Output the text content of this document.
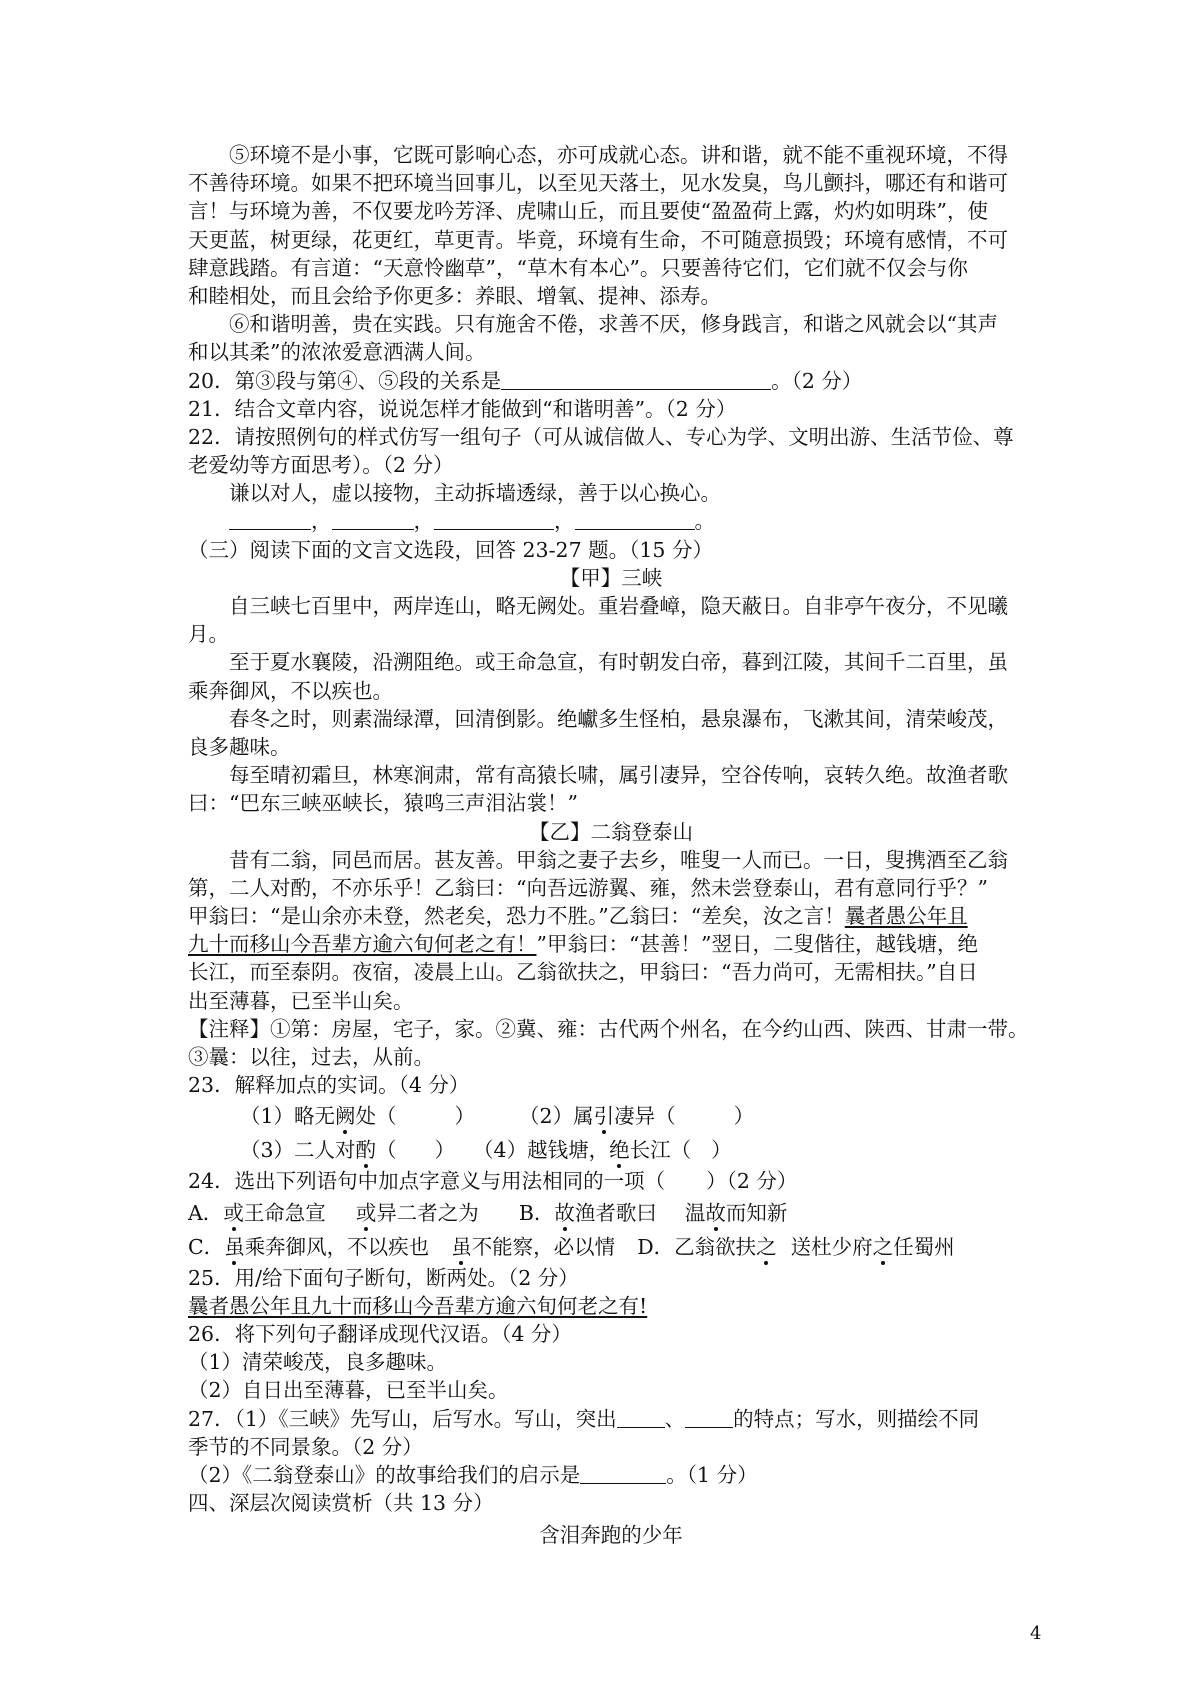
⑤环境不是小事，它既可影响心态，亦可成就心态。讲和谐，就不能不重视环境，不得
不善待环境。如果不把环境当回事儿，以至见天落土，见水发臭，鸟儿颤抖，哪还有和谐可
言！与环境为善，不仅要龙吟芳泽、虎啸山丘，而且要使“盈盈荷上露，灼灼如明珠”，使
天更蓝，树更绿，花更红，草更青。毕竟，环境有生命，不可随意损毁；环境有感情，不可
肆意践踏。有言道：“天意怜幽草”，“草木有本心”。只要善待它们，它们就不仅会与你
和睦相处，而且会给予你更多：养眼、增氧、提神、添寿。
⑥和谐明善，贵在实践。只有施舍不倦，求善不厌，修身践言，和谐之风就会以“其声
和以其柔”的浓浓爱意洒满人间。
20．第③段与第④、⑤段的关系是	。（2 分）
21．结合文章内容，说说怎样才能做到“和谐明善”。（2 分）
22．请按照例句的样式仿写一组句子（可从诚信做人、专心为学、文明出游、生活节俭、尊
老爱幼等方面思考）。（2 分）
谦以对人，虚以接物，主动拆墙透绿，善于以心换心。
，	，	，	。
（三）阅读下面的文言文选段，回答 23-27 题。（15 分）
【甲】三峡
自三峡七百里中，两岸连山，略无阙处。重岩叠嶂，隐天蔽日。自非亭午夜分，不见曦
月。
至于夏水襄陵，沿溯阻绝。或王命急宣，有时朝发白帝，暮到江陵，其间千二百里，虽
乘奔御风，不以疾也。
春冬之时，则素湍绿潭，回清倒影。绝巘多生怪柏，悬泉瀑布，飞漱其间，清荣峻茂，
良多趣味。
每至晴初霜旦，林寒涧肃，常有高猿长啸，属引凄异，空谷传响，哀转久绝。故渔者歌
曰：“巴东三峡巫峡长，猿鸣三声泪沾裳！”
【乙】二翁登泰山
昔有二翁，同邑而居。甚友善。甲翁之妻子去乡，唯叟一人而已。一日，叟携酒至乙翁
第，二人对酌，不亦乐乎！乙翁曰：“向吾远游翼、雍，然未尝登泰山，君有意同行乎？”
甲翁曰：“是山余亦未登，然老矣，恐力不胜。”乙翁曰：“差矣，汝之言！曩者愚公年且
九十而移山今吾辈方逾六旬何老之有！”甲翁曰：“甚善！”翌日，二叟偕往，越钱塘，绝
长江，而至泰阴。夜宿，凌晨上山。乙翁欲扶之，甲翁曰：“吾力尚可，无需相扶。”自日
出至薄暮，已至半山矣。
【注释】①第：房屋，宅子，家。②冀、雍：古代两个州名，在今约山西、陕西、甘肃一带。
③曩：以往，过去，从前。
23．解释加点的实词。（4 分）
（1）略无阙处（	） （2）属引凄异（	）
（3）二人对酌（ ） （4）越钱塘，绝长江（ ）
24．选出下列语句中加点字意义与用法相同的一项（　　）（2 分）
A．或王命急宣 或异二者之为 B．故渔者歌曰 温故而知新
C．虽乘奔御风，不以疾也 虽不能察，必以情 D．乙翁欲扶之 送杜少府之任蜀州
25．用/给下面句子断句，断两处。（2 分）
曩者愚公年且九十而移山今吾辈方逾六旬何老之有!
26．将下列句子翻译成现代汉语。（4 分）
（1）清荣峻茂，良多趣味。
（2）自日出至薄暮，已至半山矣。
27．（1）《三峡》先写山，后写水。写山，突出 、 的特点；写水，则描绘不同
季节的不同景象。（2 分）
（2）《二翁登泰山》的故事给我们的启示是	。（1 分）
四、深层次阅读赏析（共 13 分）
含泪奔跑的少年
4
